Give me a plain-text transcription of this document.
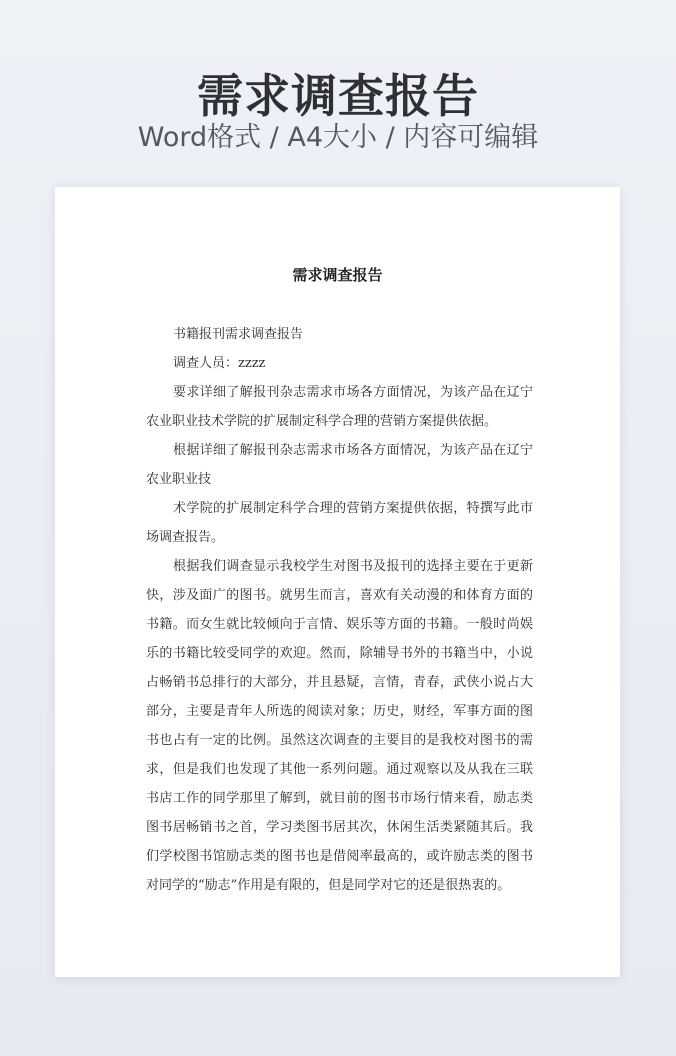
需求调查报告
Word格式 / A4大小 / 内容可编辑
需求调查报告

书籍报刊需求调查报告

调查人员：zzzz

要求详细了解报刊杂志需求市场各方面情况，为该产品在辽宁农业职业技术学院的扩展制定科学合理的营销方案提供依据。

根据详细了解报刊杂志需求市场各方面情况，为该产品在辽宁农业职业技

术学院的扩展制定科学合理的营销方案提供依据，特撰写此市场调查报告。

根据我们调查显示我校学生对图书及报刊的选择主要在于更新快，涉及面广的图书。就男生而言，喜欢有关动漫的和体育方面的书籍。而女生就比较倾向于言情、娱乐等方面的书籍。一般时尚娱乐的书籍比较受同学的欢迎。然而，除辅导书外的书籍当中，小说占畅销书总排行的大部分，并且悬疑，言情，青春，武侠小说占大部分，主要是青年人所选的阅读对象；历史，财经，军事方面的图书也占有一定的比例。虽然这次调查的主要目的是我校对图书的需求，但是我们也发现了其他一系列问题。通过观察以及从我在三联书店工作的同学那里了解到，就目前的图书市场行情来看，励志类图书居畅销书之首，学习类图书居其次，休闲生活类紧随其后。我们学校图书馆励志类的图书也是借阅率最高的，或许励志类的图书对同学的“励志”作用是有限的，但是同学对它的还是很热衷的。
